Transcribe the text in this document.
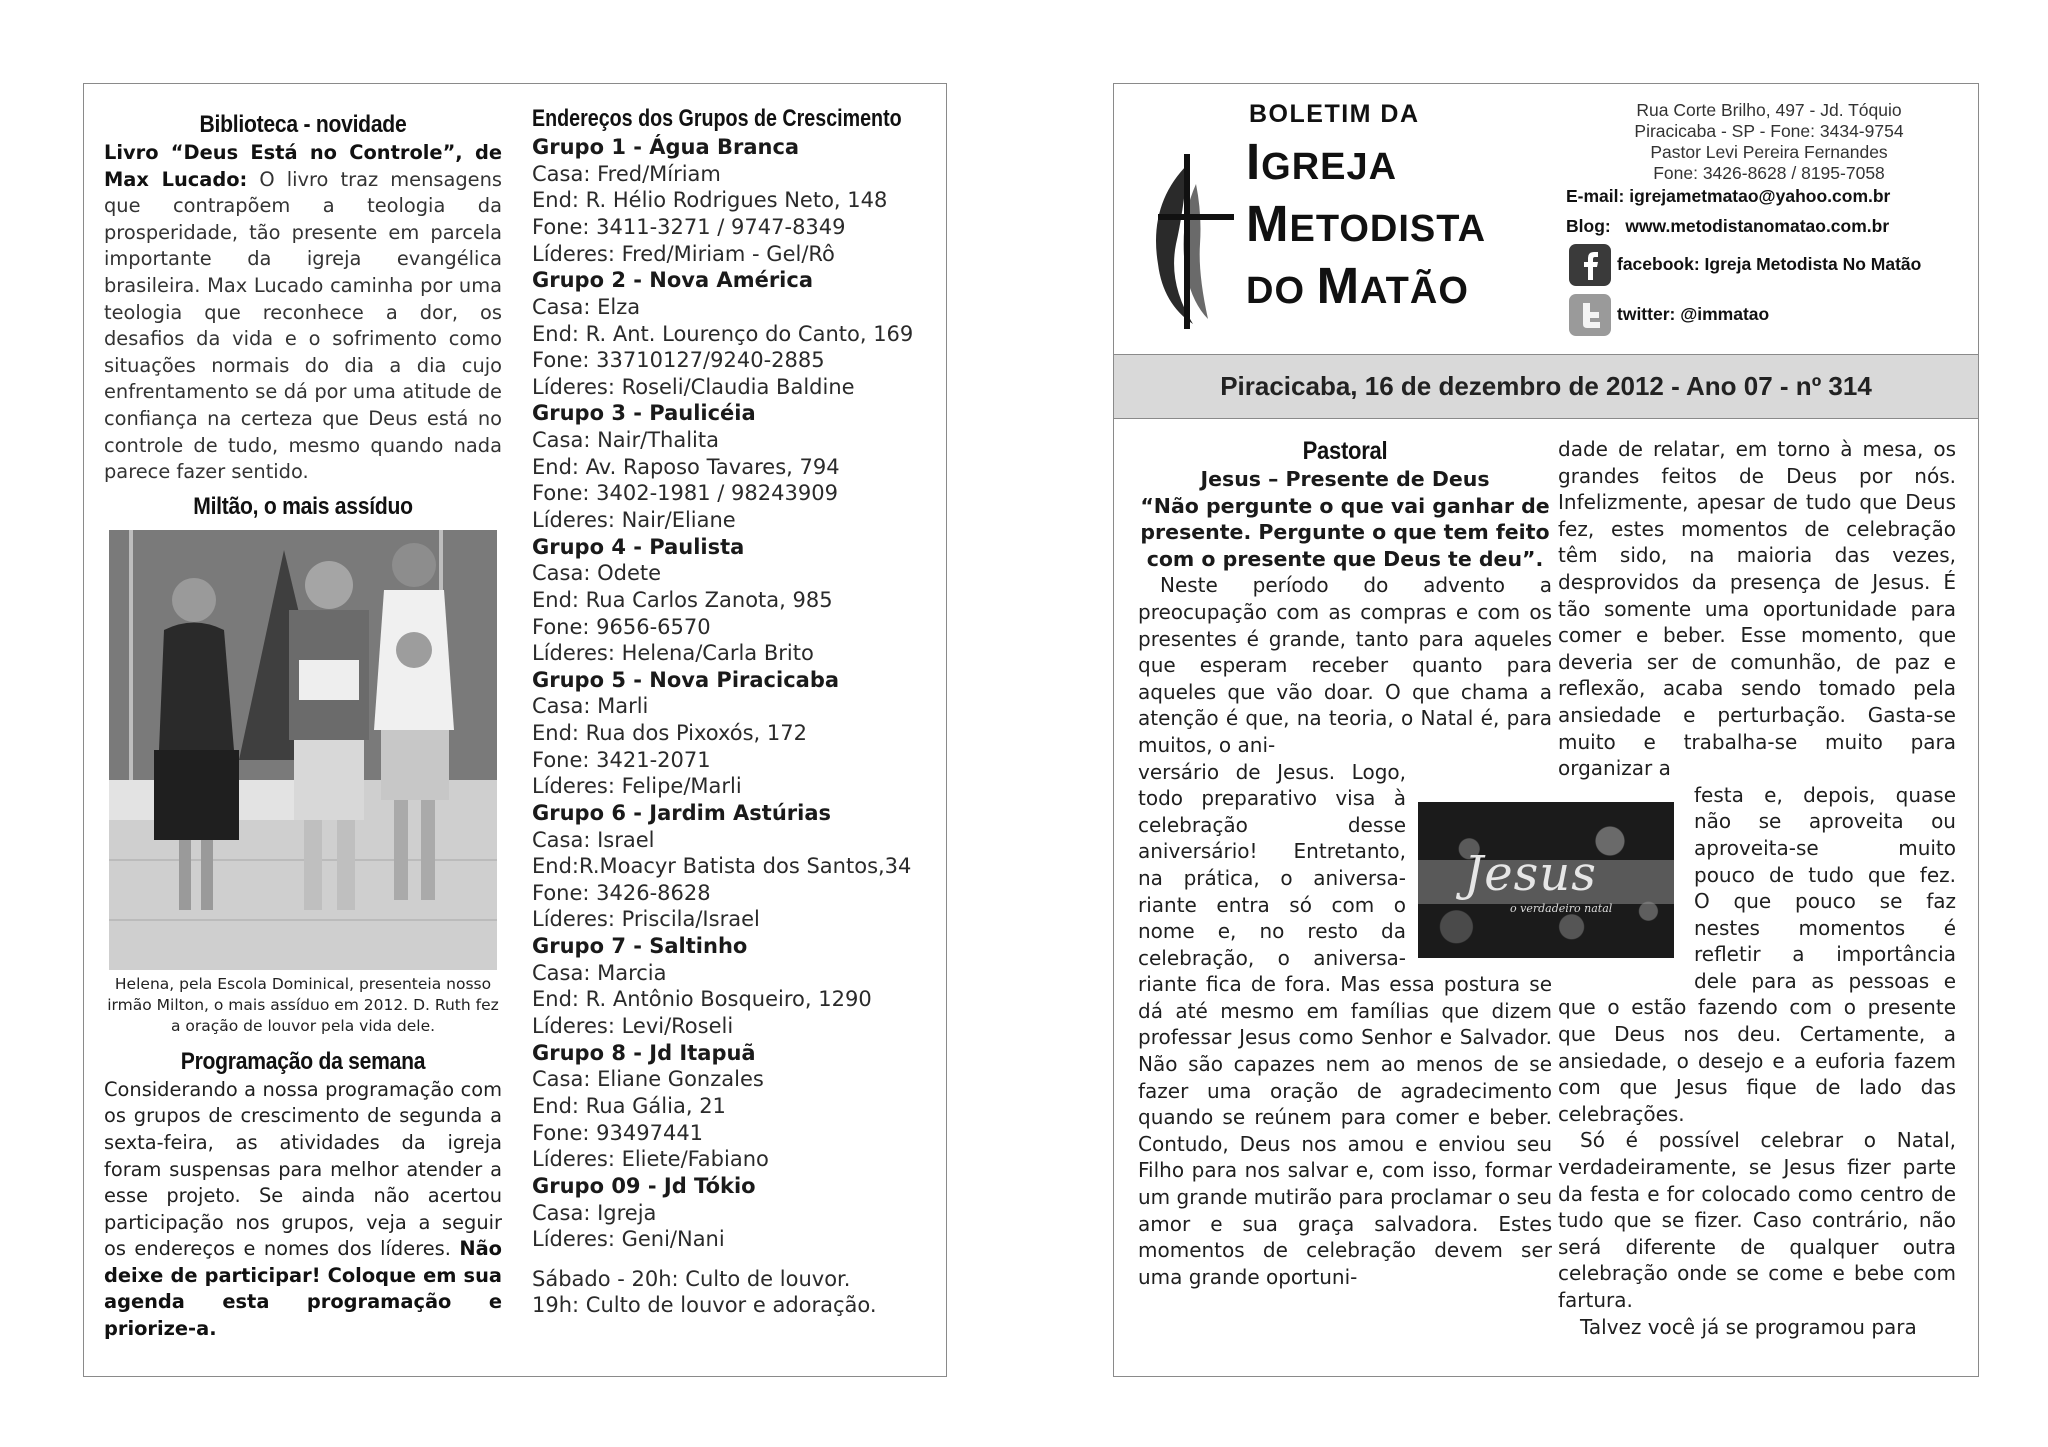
Biblioteca - novidade
Livro “Deus Está no Controle”, de Max Lucado: O livro traz mensagens que contrapõem a teologia da prosperidade, tão presente em parcela importante da igreja evangélica brasileira. Max Lucado caminha por uma teologia que reconhece a dor, os desafios da vida e o sofrimento como situações normais do dia a dia cujo enfrentamento se dá por uma atitude de confiança na certeza que Deus está no controle de tudo, mesmo quando nada parece fazer sentido.
Miltão, o mais assíduo
Helena, pela Escola Dominical, presenteia nosso irmão Milton, o mais assíduo em 2012. D. Ruth fez a oração de louvor pela vida dele.
Programação da semana
Considerando a nossa programação com os grupos de crescimento de segunda a sexta-feira, as atividades da igreja foram suspensas para melhor atender a esse projeto. Se ainda não acertou participação nos grupos, veja a seguir os endereços e nomes dos líderes. Não deixe de participar! Coloque em sua agenda esta programação e priorize-a.
Endereços dos Grupos de Crescimento
Grupo 1 - Água Branca
Casa: Fred/Míriam
End: R. Hélio Rodrigues Neto, 148
Fone: 3411-3271 / 9747-8349
Líderes: Fred/Miriam - Gel/Rô
Grupo 2 - Nova América
Casa: Elza
End: R. Ant. Lourenço do Canto, 169
Fone: 33710127/9240-2885
Líderes: Roseli/Claudia Baldine
Grupo 3 - Paulicéia
Casa: Nair/Thalita
End: Av. Raposo Tavares, 794
Fone: 3402-1981 / 98243909
Líderes: Nair/Eliane
Grupo 4 - Paulista
Casa: Odete
End: Rua Carlos Zanota, 985
Fone: 9656-6570
Líderes: Helena/Carla Brito
Grupo 5 - Nova Piracicaba
Casa: Marli
End: Rua dos Pixoxós, 172
Fone: 3421-2071
Líderes: Felipe/Marli
Grupo 6 - Jardim Astúrias
Casa: Israel
End:R.Moacyr Batista dos Santos,34
Fone: 3426-8628
Líderes: Priscila/Israel
Grupo 7 - Saltinho
Casa: Marcia
End: R. Antônio Bosqueiro, 1290
Líderes: Levi/Roseli
Grupo 8 - Jd Itapuã
Casa: Eliane Gonzales
End: Rua Gália, 21
Fone: 93497441
Líderes: Eliete/Fabiano
Grupo 09 - Jd Tókio
Casa: Igreja
Líderes: Geni/Nani
Sábado - 20h: Culto de louvor.
19h: Culto de louvor e adoração.
BOLETIM DA
IGREJA
METODISTA
DO MATÃO
Rua Corte Brilho, 497 - Jd. Tóquio
Piracicaba - SP - Fone: 3434-9754
Pastor Levi Pereira Fernandes
Fone: 3426-8628 / 8195-7058
E-mail: igrejametmatao@yahoo.com.br
Blog: www.metodistanomatao.com.br
facebook: Igreja Metodista No Matão
twitter: @immatao
Piracicaba, 16 de dezembro de 2012 - Ano 07 - nº 314
Pastoral
Jesus – Presente de Deus
“Não pergunte o que vai ganhar de presente. Pergunte o que tem feito com o presente que Deus te deu”.
Neste período do advento a preocupação com as compras e com os presentes é grande, tanto para aqueles que esperam receber quanto para aqueles que vão doar. O que chama a atenção é que, na teoria, o Natal é, para muitos, o ani-
versário de Jesus. Logo,
todo preparativo visa à
celebração desse
aniversário! Entretanto,
na prática, o aniversa-
riante entra só com o
nome e, no resto da
celebração, o aniversa-
riante fica de fora. Mas essa postura se dá até mesmo em famílias que dizem professar Jesus como Senhor e Salvador. Não são capazes nem ao menos de se fazer uma oração de agradecimento quando se reúnem para comer e beber. Contudo, Deus nos amou e enviou seu Filho para nos salvar e, com isso, formar um grande mutirão para proclamar o seu amor e sua graça salvadora. Estes momentos de celebração devem ser uma grande oportuni-
Jesus
o verdadeiro natal
dade de relatar, em torno à mesa, os grandes feitos de Deus por nós. Infelizmente, apesar de tudo que Deus fez, estes momentos de celebração têm sido, na maioria das vezes, desprovidos da presença de Jesus. É tão somente uma oportunidade para comer e beber. Esse momento, que deveria ser de comunhão, de paz e reflexão, acaba sendo tomado pela ansiedade e perturbação. Gasta-se muito e trabalha-se muito para organizar a
festa e, depois, quase
não se aproveita ou
aproveita-se muito
pouco de tudo que fez.
O que pouco se faz
nestes momentos é
refletir a importância
dele para as pessoas e
que o estão fazendo com o presente que Deus nos deu. Certamente, a ansiedade, o desejo e a euforia fazem com que Jesus fique de lado das celebrações.
Só é possível celebrar o Natal, verdadeiramente, se Jesus fizer parte da festa e for colocado como centro de tudo que se fizer. Caso contrário, não será diferente de qualquer outra celebração onde se come e bebe com fartura.
Talvez você já se programou para
